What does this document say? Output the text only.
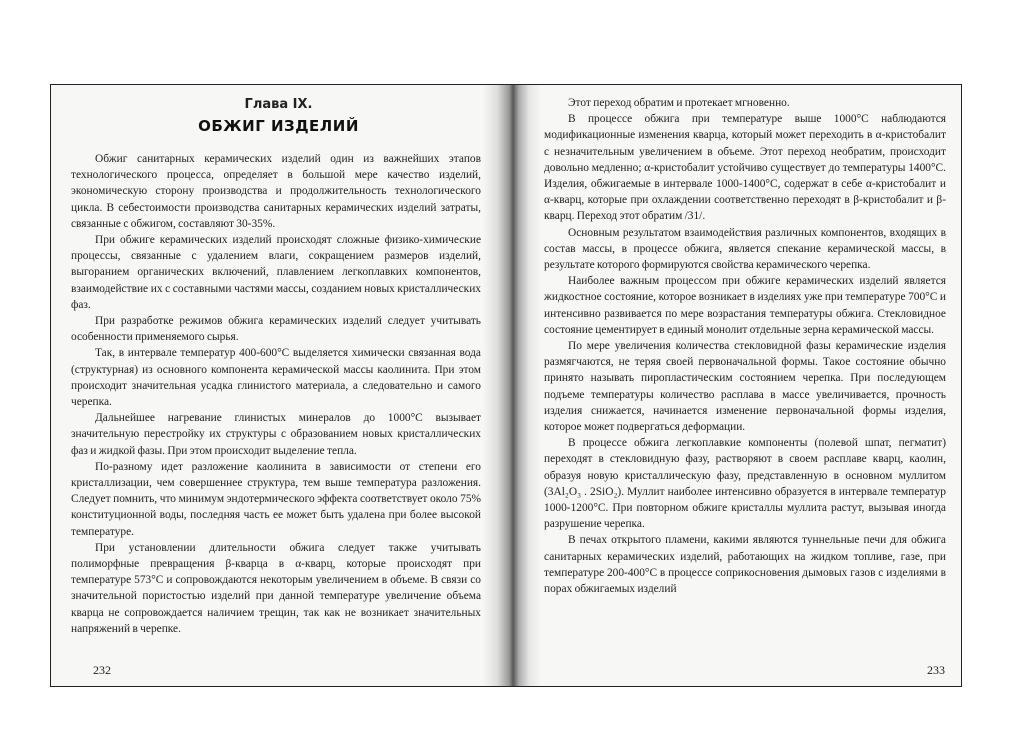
Глава IX.
ОБЖИГ ИЗДЕЛИЙ

Обжиг санитарных керамических изделий один из важнейших этапов технологического процесса, определяет в большой мере качество изделий, экономическую сторону производства и продолжительность технологического цикла. В себестоимости производства санитарных керамических изделий затраты, связанные с обжигом, составляют 30-35%.

При обжиге керамических изделий происходят сложные физико-химические процессы, связанные с удалением влаги, сокращением размеров изделий, выгоранием органических включений, плавлением легкоплавких компонентов, взаимодействие их с составными частями массы, созданием новых кристаллических фаз.

При разработке режимов обжига керамических изделий следует учитывать особенности применяемого сырья.

Так, в интервале температур 400-600°С выделяется химически связанная вода (структурная) из основного компонента керамической массы каолинита. При этом происходит значительная усадка глинистого материала, а следовательно и самого черепка.

Дальнейшее нагревание глинистых минералов до 1000°С вызывает значительную перестройку их структуры с образованием новых кристаллических фаз и жидкой фазы. При этом происходит выделение тепла.

По-разному идет разложение каолинита в зависимости от степени его кристаллизации, чем совершеннее структура, тем выше температура разложения. Следует помнить, что минимум эндотермического эффекта соответствует около 75% конституционной воды, последняя часть ее может быть удалена при более высокой температуре.

При установлении длительности обжига следует также учитывать полиморфные превращения β-кварца в α-кварц, которые происходят при температуре 573°С и сопровождаются некоторым увеличением в объеме. В связи со значительной пористостью изделий при данной температуре увеличение объема кварца не сопровождается наличием трещин, так как не возникает значительных напряжений в черепке.

232

Этот переход обратим и протекает мгновенно.

В процессе обжига при температуре выше 1000°С наблюдаются модификационные изменения кварца, который может переходить в α-кристобалит с незначительным увеличением в объеме. Этот переход необратим, происходит довольно медленно; α-кристобалит устойчиво существует до температуры 1400°С. Изделия, обжигаемые в интервале 1000-1400°С, содержат в себе α-кристобалит и α-кварц, которые при охлаждении соответственно переходят в β-кристобалит и β-кварц. Переход этот обратим /31/.

Основным результатом взаимодействия различных компонентов, входящих в состав массы, в процессе обжига, является спекание керамической массы, в результате которого формируются свойства керамического черепка.

Наиболее важным процессом при обжиге керамических изделий является жидкостное состояние, которое возникает в изделиях уже при температуре 700°С и интенсивно развивается по мере возрастания температуры обжига. Стекловидное состояние цементирует в единый монолит отдельные зерна керамической массы.

По мере увеличения количества стекловидной фазы керамические изделия размягчаются, не теряя своей первоначальной формы. Такое состояние обычно принято называть пиропластическим состоянием черепка. При последующем подъеме температуры количество расплава в массе увеличивается, прочность изделия снижается, начинается изменение первоначальной формы изделия, которое может подвергаться деформации.

В процессе обжига легкоплавкие компоненты (полевой шпат, пегматит) переходят в стекловидную фазу, растворяют в своем расплаве кварц, каолин, образуя новую кристаллическую фазу, представленную в основном муллитом (3Al₂O₃ . 2SiO₂). Муллит наиболее интенсивно образуется в интервале температур 1000-1200°С. При повторном обжиге кристаллы муллита растут, вызывая иногда разрушение черепка.

В печах открытого пламени, какими являются туннельные печи для обжига санитарных керамических изделий, работающих на жидком топливе, газе, при температуре 200-400°С в процессе соприкосновения дымовых газов с изделиями в порах обжигаемых изделий

233
